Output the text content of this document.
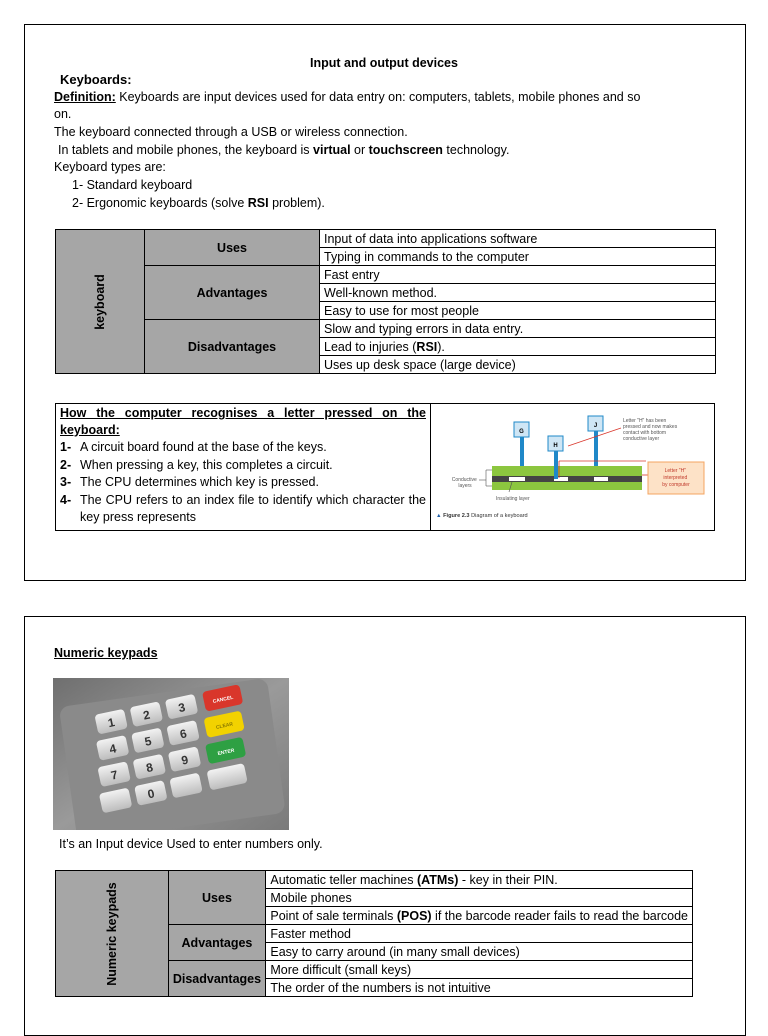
Input and output devices

Keyboards:

Definition: Keyboards are input devices used for data entry on: computers, tablets, mobile phones and so

on.

The keyboard connected through a USB or wireless connection.

In tablets and mobile phones, the keyboard is virtual or touchscreen technology.

Keyboard types are:

1- Standard keyboard

2- Ergonomic keyboards (solve RSI problem).

keyboard	Uses	Input of data into applications software
		Typing in commands to the computer
	Advantages	Fast entry
		Well-known method.
		Easy to use for most people
	Disadvantages	Slow and typing errors in data entry.
		Lead to injuries (RSI).
		Uses up desk space (large device)

How the computer recognises a letter pressed on the

keyboard:

1- A circuit board found at the base of the keys.
2- When pressing a key, this completes a circuit.
3- The CPU determines which key is pressed.
4- The CPU refers to an index file to identify which character the key press represents
G
H
J
Letter "H" has been pressed and now makes contact with bottom conductive layer
Letter "H" interpreted by computer
Conductive layers
Insulating layer
▲ Figure 2.3 Diagram of a keyboard

Numeric keypads

1 2 3
4 5 6
7 8 9
0
CANCEL
CLEAR
ENTER

It’s an Input device Used to enter numbers only.

Numeric keypads	Uses	Automatic teller machines (ATMs) - key in their PIN.
		Mobile phones
		Point of sale terminals (POS) if the barcode reader fails to read the barcode
	Advantages	Faster method
		Easy to carry around (in many small devices)
	Disadvantages	More difficult (small keys)
		The order of the numbers is not intuitive
